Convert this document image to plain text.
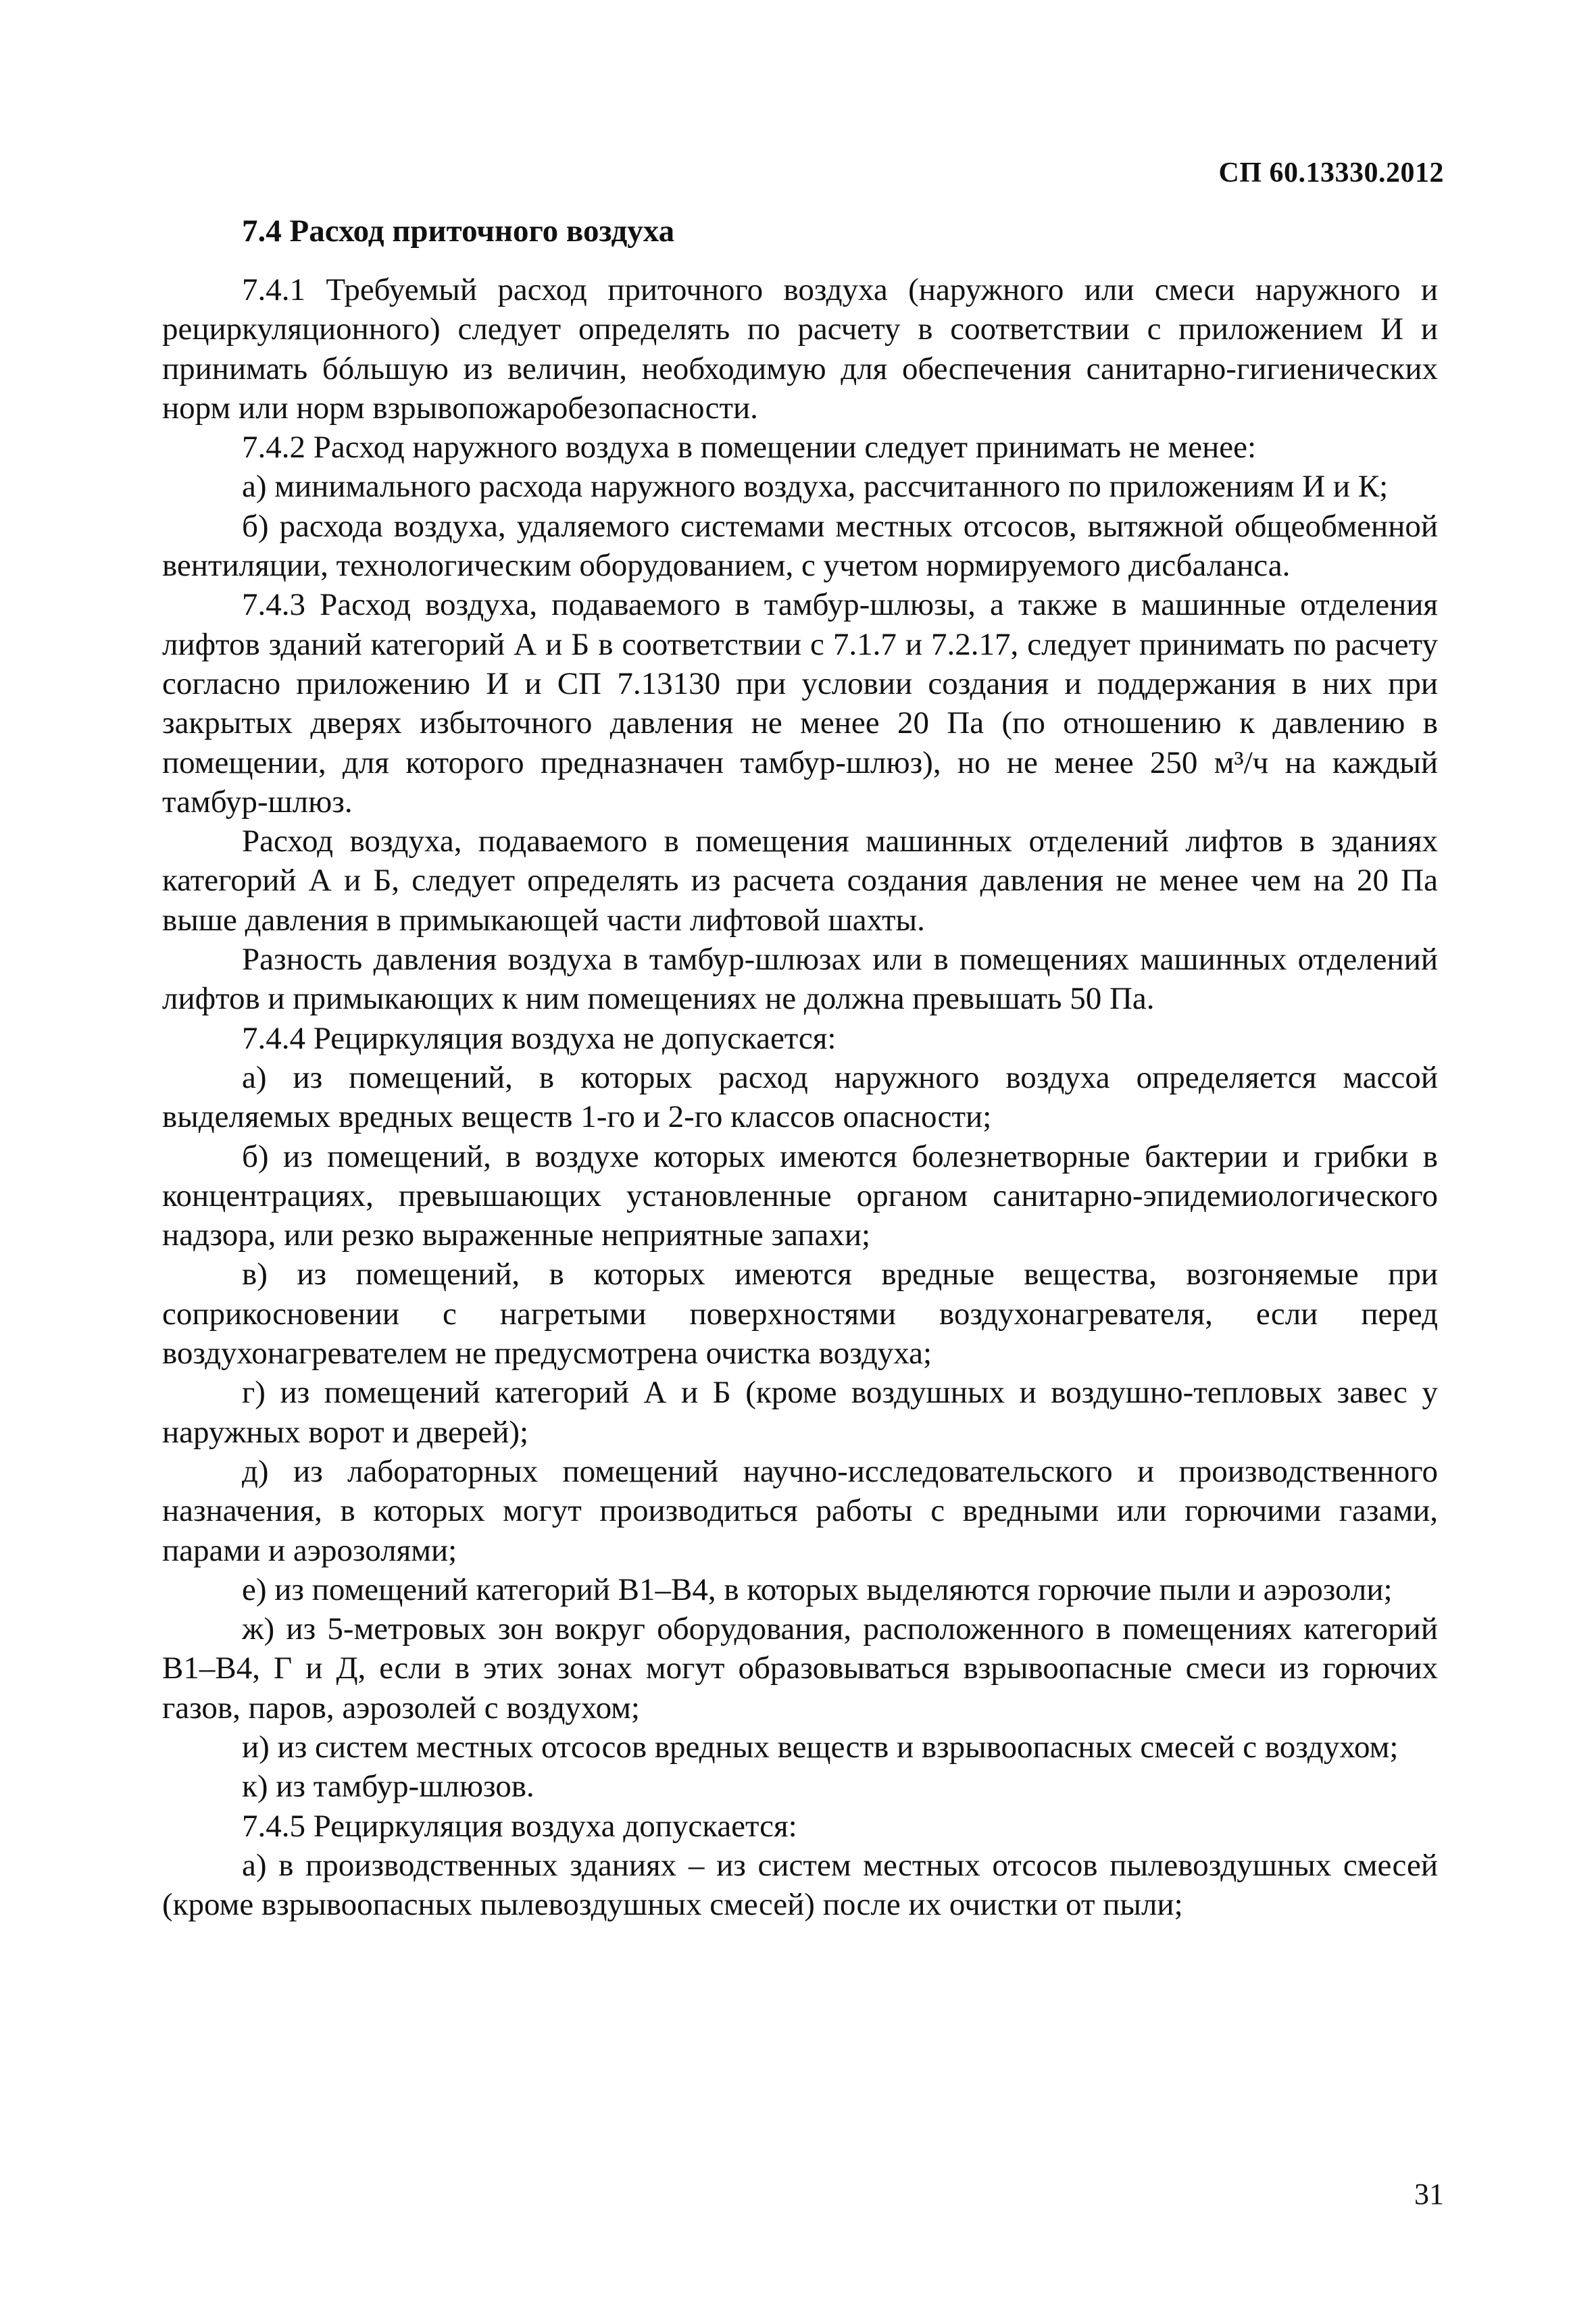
СП 60.13330.2012
7.4 Расход приточного воздуха

7.4.1 Требуемый расход приточного воздуха (наружного или смеси наружного и рециркуляционного) следует определять по расчету в соответствии с приложением И и принимать бóльшую из величин, необходимую для обеспечения санитарно-гигиенических норм или норм взрывопожаробезопасности.

7.4.2 Расход наружного воздуха в помещении следует принимать не менее:

а) минимального расхода наружного воздуха, рассчитанного по приложениям И и К;

б) расхода воздуха, удаляемого системами местных отсосов, вытяжной общеобменной вентиляции, технологическим оборудованием, с учетом нормируемого дисбаланса.

7.4.3 Расход воздуха, подаваемого в тамбур-шлюзы, а также в машинные отделения лифтов зданий категорий А и Б в соответствии с 7.1.7 и 7.2.17, следует принимать по расчету согласно приложению И и СП 7.13130 при условии создания и поддержания в них при закрытых дверях избыточного давления не менее 20 Па (по отношению к давлению в помещении, для которого предназначен тамбур-шлюз), но не менее 250 м³/ч на каждый тамбур-шлюз.

Расход воздуха, подаваемого в помещения машинных отделений лифтов в зданиях категорий А и Б, следует определять из расчета создания давления не менее чем на 20 Па выше давления в примыкающей части лифтовой шахты.

Разность давления воздуха в тамбур-шлюзах или в помещениях машинных отделений лифтов и примыкающих к ним помещениях не должна превышать 50 Па.

7.4.4 Рециркуляция воздуха не допускается:

а) из помещений, в которых расход наружного воздуха определяется массой выделяемых вредных веществ 1-го и 2-го классов опасности;

б) из помещений, в воздухе которых имеются болезнетворные бактерии и грибки в концентрациях, превышающих установленные органом санитарно-эпидемиологического надзора, или резко выраженные неприятные запахи;

в) из помещений, в которых имеются вредные вещества, возгоняемые при соприкосновении с нагретыми поверхностями воздухонагревателя, если перед воздухонагревателем не предусмотрена очистка воздуха;

г) из помещений категорий А и Б (кроме воздушных и воздушно-тепловых завес у наружных ворот и дверей);

д) из лабораторных помещений научно-исследовательского и производственного назначения, в которых могут производиться работы с вредными или горючими газами, парами и аэрозолями;

е) из помещений категорий В1–В4, в которых выделяются горючие пыли и аэрозоли;

ж) из 5-метровых зон вокруг оборудования, расположенного в помещениях категорий В1–В4, Г и Д, если в этих зонах могут образовываться взрывоопасные смеси из горючих газов, паров, аэрозолей с воздухом;

и) из систем местных отсосов вредных веществ и взрывоопасных смесей с воздухом;

к) из тамбур-шлюзов.

7.4.5 Рециркуляция воздуха допускается:

а) в производственных зданиях – из систем местных отсосов пылевоздушных смесей (кроме взрывоопасных пылевоздушных смесей) после их очистки от пыли;

31
